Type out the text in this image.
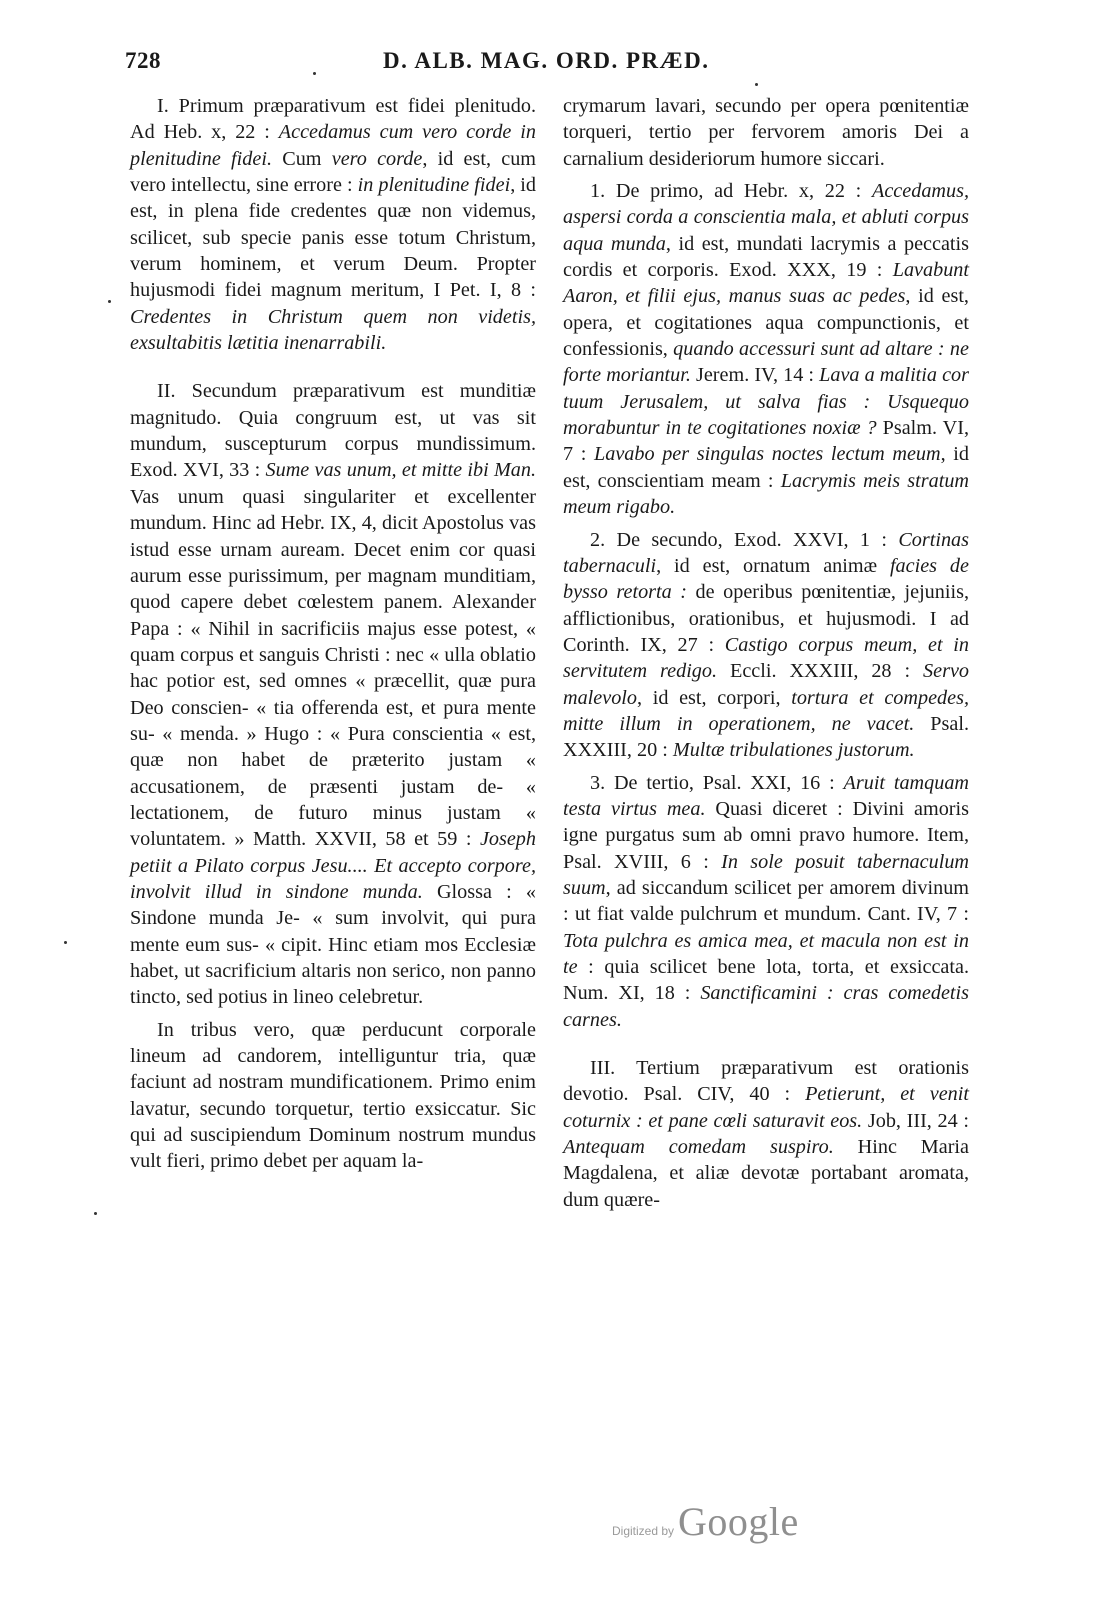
728	D. ALB. MAG. ORD. PRÆD.

I. Primum præparativum est fidei plenitudo. Ad Heb. x, 22 : Accedamus cum vero corde in plenitudine fidei. Cum vero corde, id est, cum vero intellectu, sine errore : in plenitudine fidei, id est, in plena fide credentes quæ non videmus, scilicet, sub specie panis esse totum Christum, verum hominem, et verum Deum. Propter hujusmodi fidei magnum meritum, I Pet. I, 8 : Credentes in Christum quem non videtis, exsultabitis lætitia inenarrabili.

II. Secundum præparativum est munditiæ magnitudo. Quia congruum est, ut vas sit mundum, suscepturum corpus mundissimum. Exod. XVI, 33 : Sume vas unum, et mitte ibi Man. Vas unum quasi singulariter et excellenter mundum. Hinc ad Hebr. IX, 4, dicit Apostolus vas istud esse urnam auream. Decet enim cor quasi aurum esse purissimum, per magnam munditiam, quod capere debet cœlestem panem. Alexander Papa : « Nihil in sacrificiis majus esse potest, « quam corpus et sanguis Christi : nec « ulla oblatio hac potior est, sed omnes « præcellit, quæ pura Deo conscien- « tia offerenda est, et pura mente su- « menda. » Hugo : « Pura conscientia « est, quæ non habet de præterito justam « accusationem, de præsenti justam de- « lectationem, de futuro minus justam « voluntatem. » Matth. XXVII, 58 et 59 : Joseph petiit a Pilato corpus Jesu.... Et accepto corpore, involvit illud in sindone munda. Glossa : « Sindone munda Je- « sum involvit, qui pura mente eum sus- « cipit. Hinc etiam mos Ecclesiæ habet, ut sacrificium altaris non serico, non panno tincto, sed potius in lineo celebretur.

In tribus vero, quæ perducunt corporale lineum ad candorem, intelliguntur tria, quæ faciunt ad nostram mundificationem. Primo enim lavatur, secundo torquetur, tertio exsiccatur. Sic qui ad suscipiendum Dominum nostrum mundus vult fieri, primo debet per aquam la-

crymarum lavari, secundo per opera pœnitentiæ torqueri, tertio per fervorem amoris Dei a carnalium desideriorum humore siccari.

1. De primo, ad Hebr. x, 22 : Accedamus, aspersi corda a conscientia mala, et abluti corpus aqua munda, id est, mundati lacrymis a peccatis cordis et corporis. Exod. XXX, 19 : Lavabunt Aaron, et filii ejus, manus suas ac pedes, id est, opera, et cogitationes aqua compunctionis, et confessionis, quando accessuri sunt ad altare : ne forte moriantur. Jerem. IV, 14 : Lava a malitia cor tuum Jerusalem, ut salva fias : Usquequo morabuntur in te cogitationes noxiæ ? Psalm. VI, 7 : Lavabo per singulas noctes lectum meum, id est, conscientiam meam : Lacrymis meis stratum meum rigabo.

2. De secundo, Exod. XXVI, 1 : Cortinas tabernaculi, id est, ornatum animæ facies de bysso retorta : de operibus pœnitentiæ, jejuniis, afflictionibus, orationibus, et hujusmodi. I ad Corinth. IX, 27 : Castigo corpus meum, et in servitutem redigo. Eccli. XXXIII, 28 : Servo malevolo, id est, corpori, tortura et compedes, mitte illum in operationem, ne vacet. Psal. XXXIII, 20 : Multæ tribulationes justorum.

3. De tertio, Psal. XXI, 16 : Aruit tamquam testa virtus mea. Quasi diceret : Divini amoris igne purgatus sum ab omni pravo humore. Item, Psal. XVIII, 6 : In sole posuit tabernaculum suum, ad siccandum scilicet per amorem divinum : ut fiat valde pulchrum et mundum. Cant. IV, 7 : Tota pulchra es amica mea, et macula non est in te : quia scilicet bene lota, torta, et exsiccata. Num. XI, 18 : Sanctificamini : cras comedetis carnes.

III. Tertium præparativum est orationis devotio. Psal. CIV, 40 : Petierunt, et venit coturnix : et pane cœli saturavit eos. Job, III, 24 : Antequam comedam suspiro. Hinc Maria Magdalena, et aliæ devotæ portabant aromata, dum quære-

Digitized by Google
